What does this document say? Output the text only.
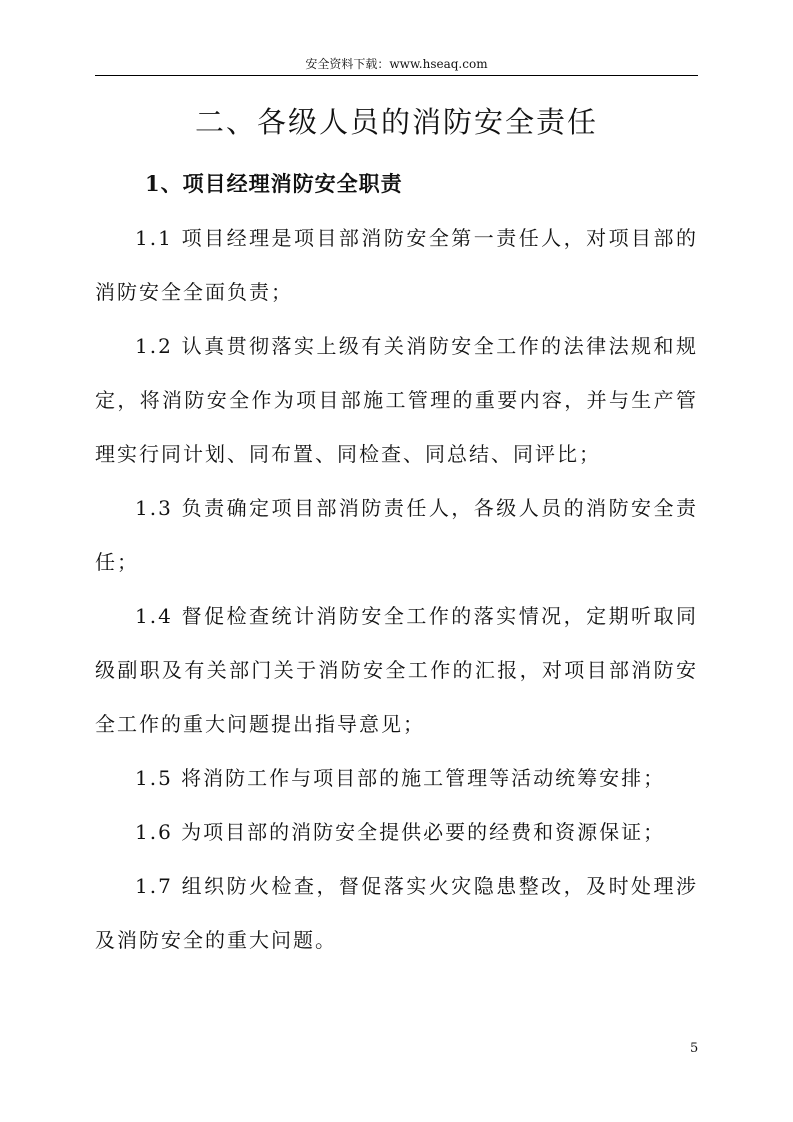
安全资料下载：www.hseaq.com
二、各级人员的消防安全责任
1、项目经理消防安全职责

1.1 项目经理是项目部消防安全第一责任人，对项目部的消防安全全面负责；

1.2 认真贯彻落实上级有关消防安全工作的法律法规和规定，将消防安全作为项目部施工管理的重要内容，并与生产管理实行同计划、同布置、同检查、同总结、同评比；

1.3 负责确定项目部消防责任人，各级人员的消防安全责任；

1.4 督促检查统计消防安全工作的落实情况，定期听取同级副职及有关部门关于消防安全工作的汇报，对项目部消防安全工作的重大问题提出指导意见；

1.5 将消防工作与项目部的施工管理等活动统筹安排；

1.6 为项目部的消防安全提供必要的经费和资源保证；

1.7 组织防火检查，督促落实火灾隐患整改，及时处理涉及消防安全的重大问题。

5
